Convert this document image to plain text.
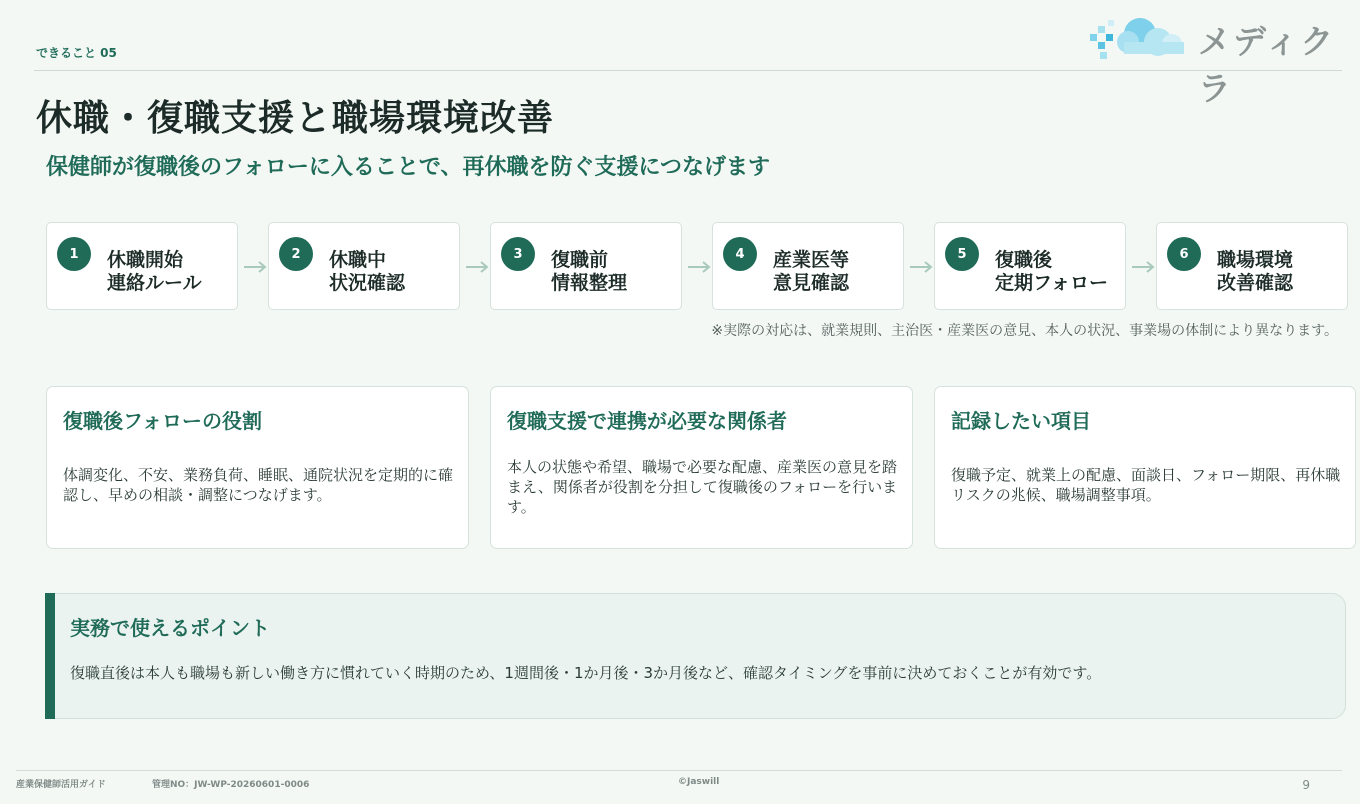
できること 05	メディクラ
休職・復職支援と職場環境改善
保健師が復職後のフォローに入ることで、再休職を防ぐ支援につなげます
1	休職開始
連絡ルール
2	休職中
状況確認
3	復職前
情報整理
4	産業医等
意見確認
5	復職後
定期フォロー
6	職場環境
改善確認
※実際の対応は、就業規則、主治医・産業医の意見、本人の状況、事業場の体制により異なります。
復職後フォローの役割
体調変化、不安、業務負荷、睡眠、通院状況を定期的に確認し、早めの相談・調整につなげます。
復職支援で連携が必要な関係者
本人の状態や希望、職場で必要な配慮、産業医の意見を踏まえ、関係者が役割を分担して復職後のフォローを行います。
記録したい項目
復職予定、就業上の配慮、面談日、フォロー期限、再休職リスクの兆候、職場調整事項。
実務で使えるポイント
復職直後は本人も職場も新しい働き方に慣れていく時期のため、1週間後・1か月後・3か月後など、確認タイミングを事前に決めておくことが有効です。
産業保健師活用ガイド	管理NO：JW-WP-20260601-0006	©Jaswill	9
